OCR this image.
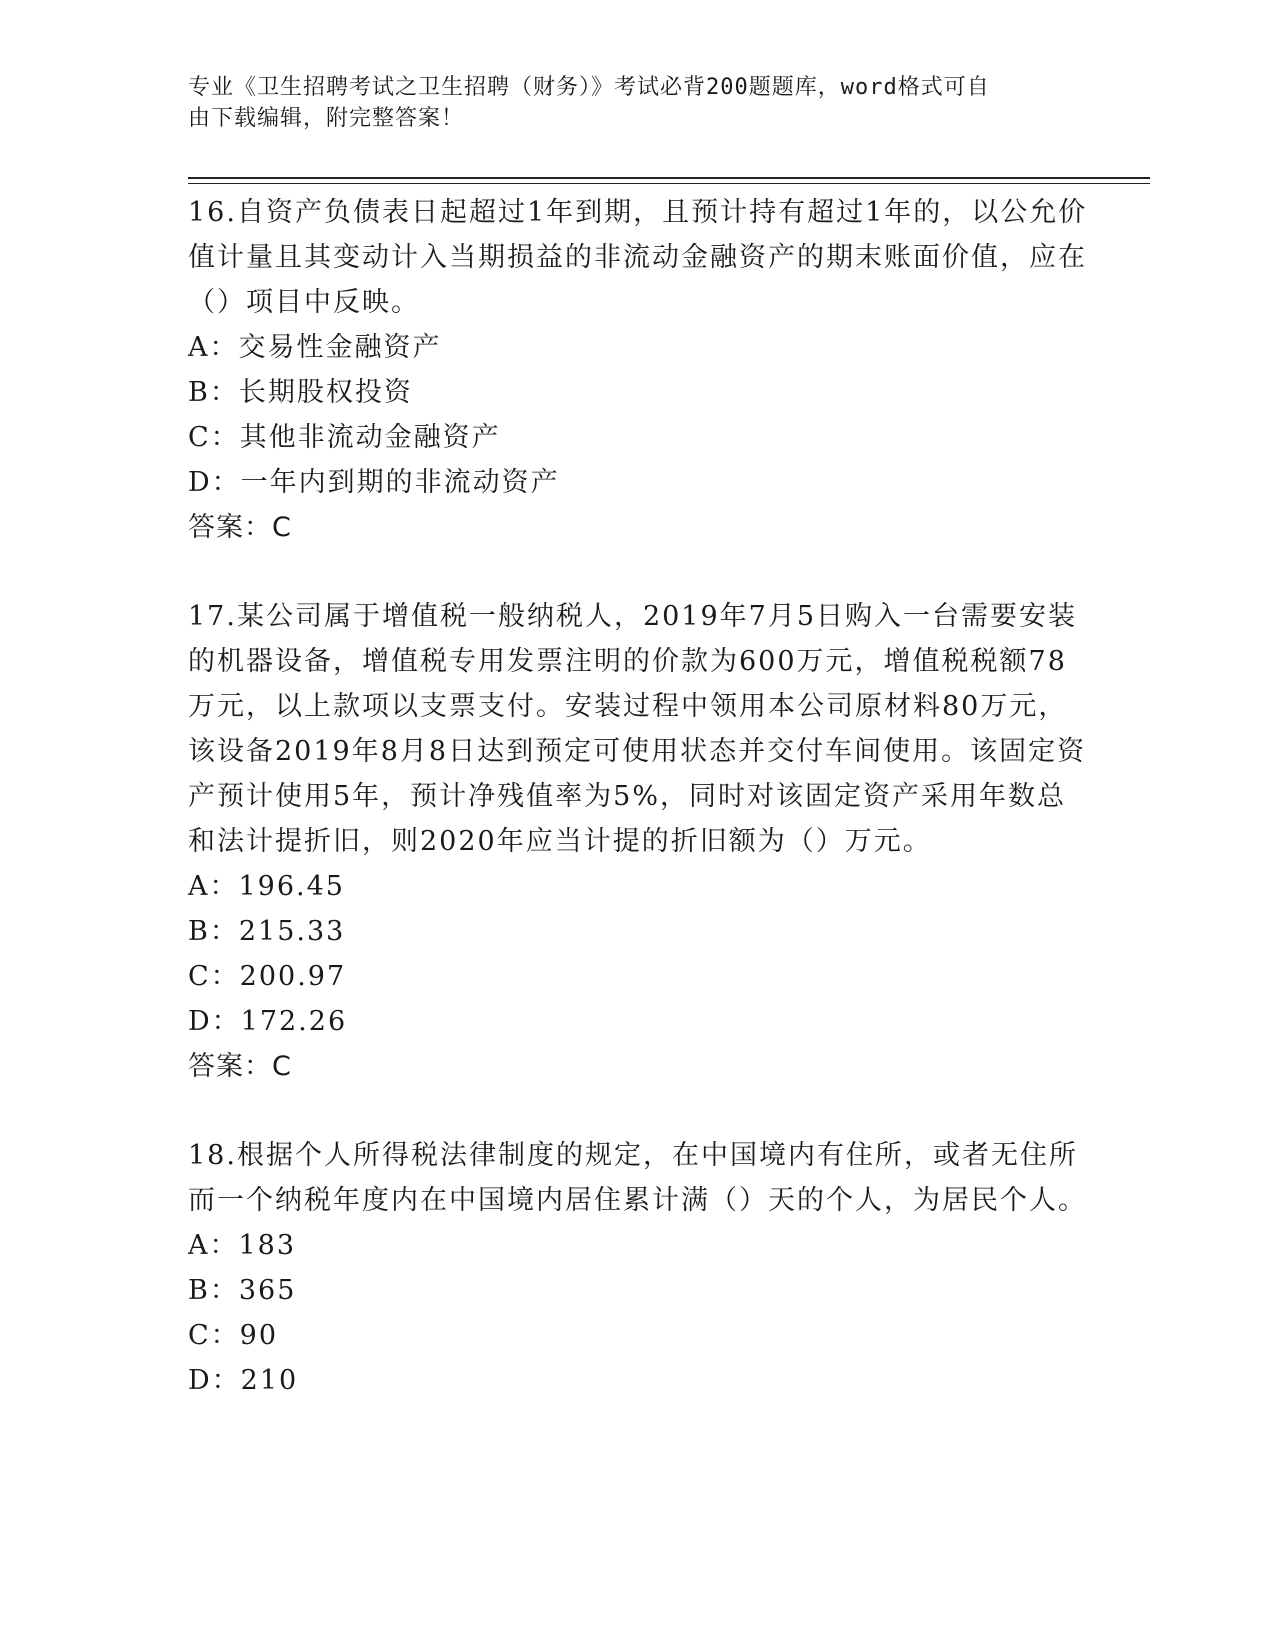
专业《卫生招聘考试之卫生招聘（财务）》考试必背200题题库，word格式可自
由下载编辑，附完整答案！

16.自资产负债表日起超过1年到期，且预计持有超过1年的，以公允价值计量且其变动计入当期损益的非流动金融资产的期末账面价值，应在（）项目中反映。

A：交易性金融资产

B：长期股权投资

C：其他非流动金融资产

D：一年内到期的非流动资产

答案：C

17.某公司属于增值税一般纳税人，2019年7月5日购入一台需要安装的机器设备，增值税专用发票注明的价款为600万元，增值税税额78万元，以上款项以支票支付。安装过程中领用本公司原材料80万元，该设备2019年8月8日达到预定可使用状态并交付车间使用。该固定资产预计使用5年，预计净残值率为5%，同时对该固定资产采用年数总和法计提折旧，则2020年应当计提的折旧额为（）万元。

A：196.45

B：215.33

C：200.97

D：172.26

答案：C

18.根据个人所得税法律制度的规定，在中国境内有住所，或者无住所而一个纳税年度内在中国境内居住累计满（）天的个人，为居民个人。

A：183

B：365

C：90

D：210
